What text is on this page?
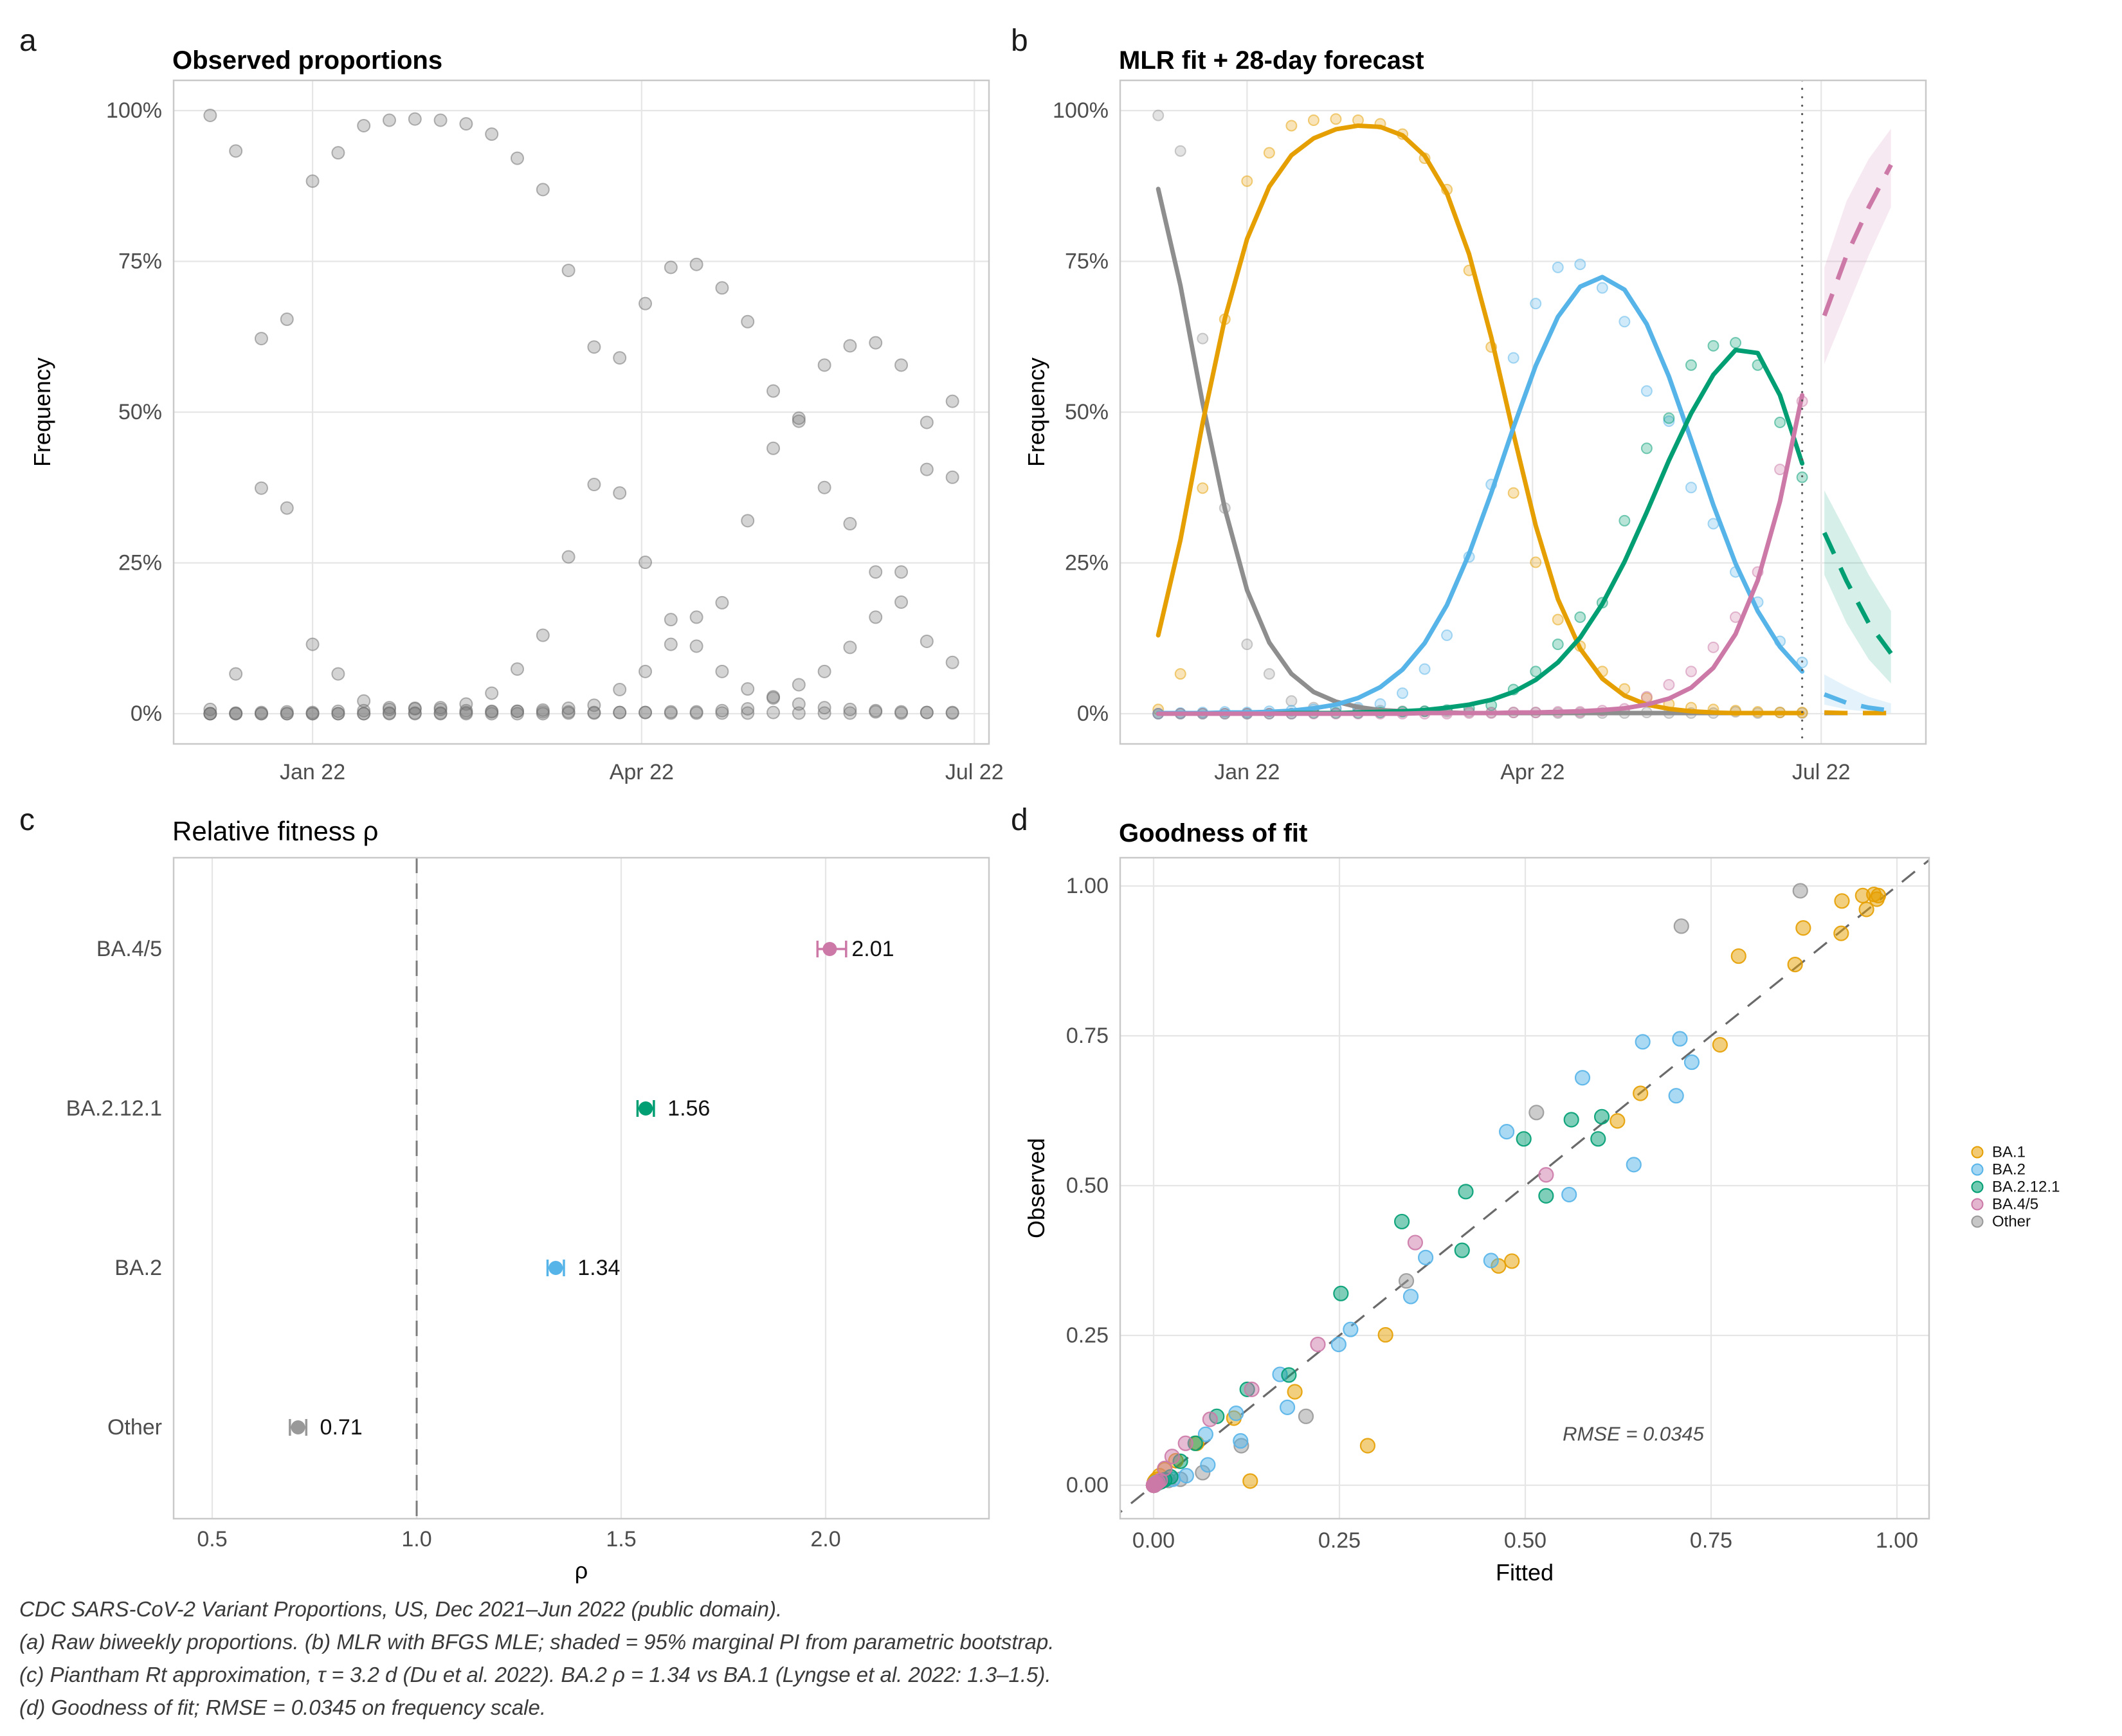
0%
25%
50%
75%
100%
Jan 22	Apr 22	Jul 22
0%
25%
50%
75%
100%
Jan 22	Apr 22	Jul 22
2.01
BA.4/5
1.56
BA.2.12.1
1.34
BA.2
0.71
Other
0.5	1.0	1.5	2.0
0.00
0.25
0.50
0.75
1.00
0.00	0.25	0.50	0.75	1.00
BA.1
BA.2
BA.2.12.1
BA.4/5
Other
a	b
c	d
Observed proportions	MLR fit + 28-day forecast
Relative fitness ρ	Goodness of fit
Frequency	Frequency
Observed
ρ	Fitted
RMSE = 0.0345

CDC SARS-CoV-2 Variant Proportions, US, Dec 2021–Jun 2022 (public domain).

(a) Raw biweekly proportions. (b) MLR with BFGS MLE; shaded = 95% marginal PI from parametric bootstrap.

(c) Piantham Rt approximation, τ = 3.2 d (Du et al. 2022). BA.2 ρ = 1.34 vs BA.1 (Lyngse et al. 2022: 1.3–1.5).

(d) Goodness of fit; RMSE = 0.0345 on frequency scale.
